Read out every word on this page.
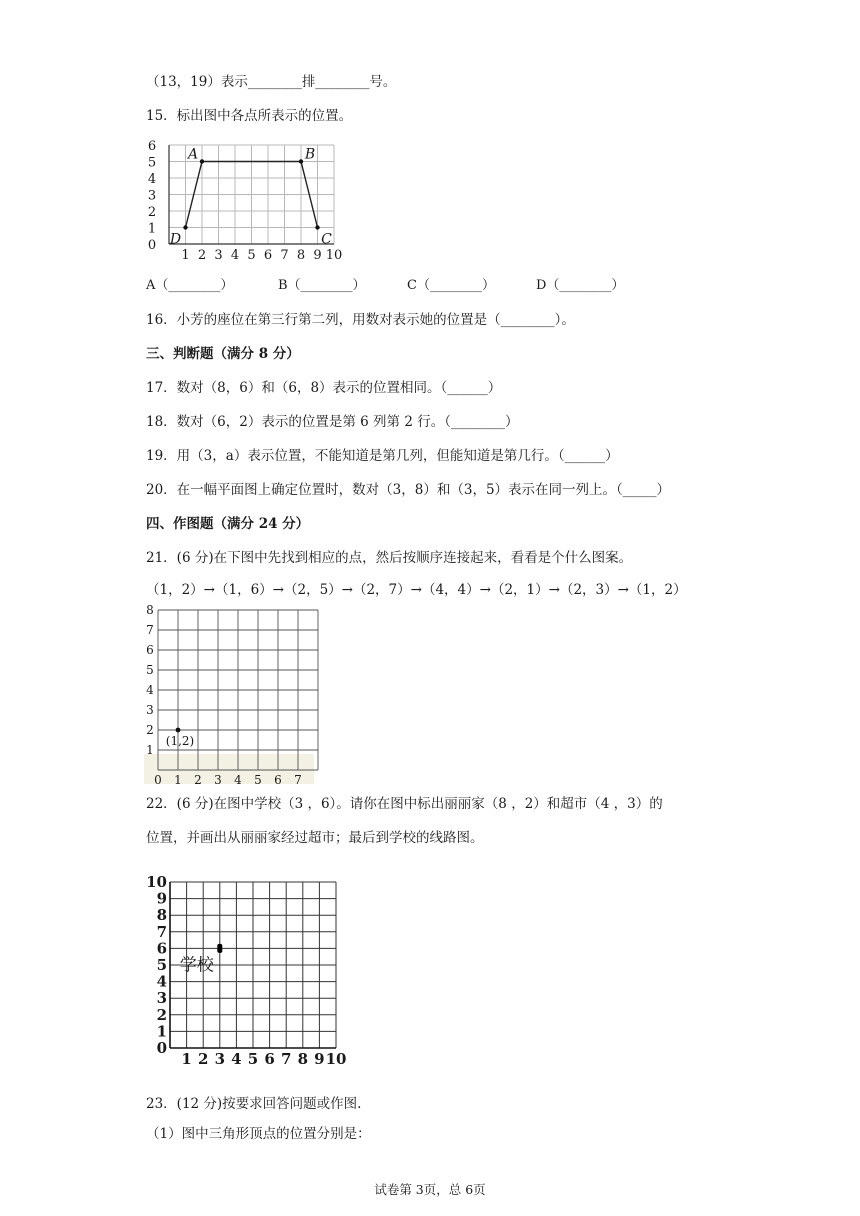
（13，19）表示________排________号。
15．标出图中各点所表示的位置。
1 2 3 4 5 6 7 8 9 10
0
1
2
3
4
5
6 A	B
C
D
A（________）	B（________）	C（________）	D（________）
16．小芳的座位在第三行第二列，用数对表示她的位置是（________）。
三、判断题（满分 8 分）
17．数对（8，6）和（6，8）表示的位置相同。（______）
18．数对（6，2）表示的位置是第 6 列第 2 行。（________）
19．用（3，a）表示位置，不能知道是第几列，但能知道是第几行。（______）
20．在一幅平面图上确定位置时，数对（3，8）和（3，5）表示在同一列上。（_____）
四、作图题（满分 24 分）
21．(6 分)在下图中先找到相应的点，然后按顺序连接起来，看看是个什么图案。
（1，2）→（1，6）→（2，5）→（2，7）→（4，4）→（2，1）→（2，3）→（1，2）
0 1 2 3 4 5 6 7
1
2
3
4
5
6
7
8
(1,2)
22．(6 分)在图中学校（3 ，6）。请你在图中标出丽丽家（8 ，2）和超市（4 ，3）的
位置，并画出从丽丽家经过超市；最后到学校的线路图。
1 2 3 4 5 6 7 8 9 10
0
1
2
3
4
5
6
7
8
9
10
学校
23．(12 分)按要求回答问题或作图.
（1）图中三角形顶点的位置分别是：
试卷第 3页，总 6页
